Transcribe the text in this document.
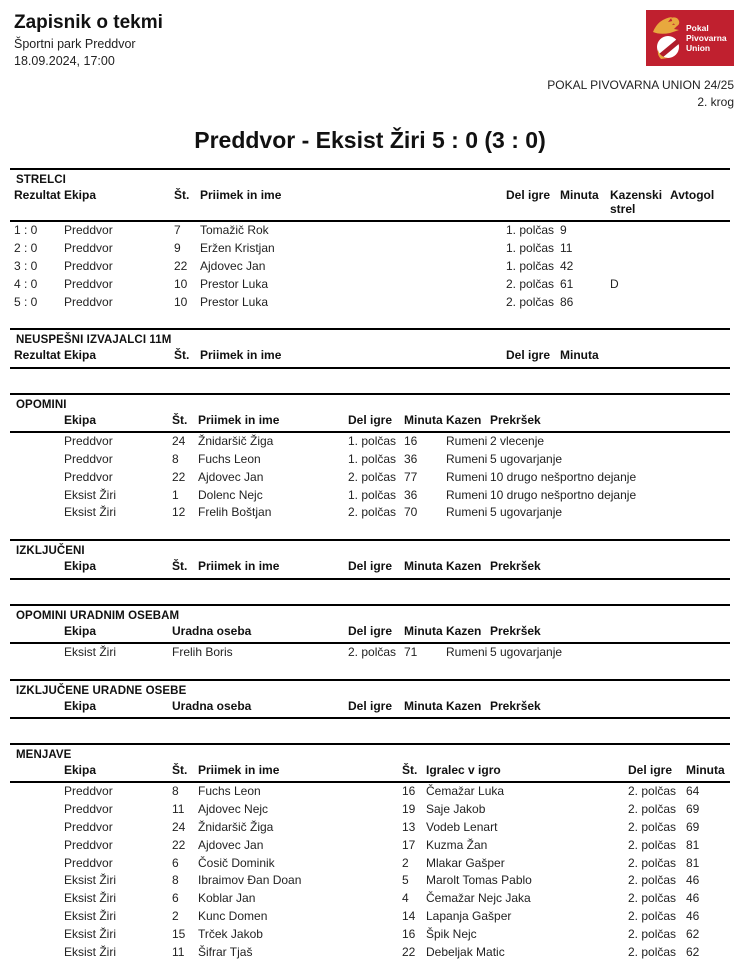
Zapisnik o tekmi
Športni park Preddvor
18.09.2024, 17:00
Pokal
Pivovarna
Union
POKAL PIVOVARNA UNION 24/25
2. krog
Preddvor - Eksist Žiri 5 : 0 (3 : 0)
STRELCI
Rezultat	Ekipa	Št.	Priimek in ime	Del igre	Minuta	Kazenski strel	Avtogol
1 : 0	Preddvor	7	Tomažič Rok	1. polčas	9		
2 : 0	Preddvor	9	Eržen Kristjan	1. polčas	11		
3 : 0	Preddvor	22	Ajdovec Jan	1. polčas	42		
4 : 0	Preddvor	10	Prestor Luka	2. polčas	61	D	
5 : 0	Preddvor	10	Prestor Luka	2. polčas	86		
NEUSPEŠNI IZVAJALCI 11M
Rezultat	Ekipa	Št.	Priimek in ime	Del igre	Minuta
OPOMINI
	Ekipa	Št.	Priimek in ime	Del igre	Minuta	Kazen	Prekršek
	Preddvor	24	Žnidaršič Žiga	1. polčas	16	Rumeni	2 vlecenje
	Preddvor	8	Fuchs Leon	1. polčas	36	Rumeni	5 ugovarjanje
	Preddvor	22	Ajdovec Jan	2. polčas	77	Rumeni	10 drugo nešportno dejanje
	Eksist Žiri	1	Dolenc Nejc	1. polčas	36	Rumeni	10 drugo nešportno dejanje
	Eksist Žiri	12	Frelih Boštjan	2. polčas	70	Rumeni	5 ugovarjanje
IZKLJUČENI
	Ekipa	Št.	Priimek in ime	Del igre	Minuta	Kazen	Prekršek
OPOMINI URADNIM OSEBAM
	Ekipa	Uradna oseba	Del igre	Minuta	Kazen	Prekršek
	Eksist Žiri	Frelih Boris	2. polčas	71	Rumeni	5 ugovarjanje
IZKLJUČENE URADNE OSEBE
	Ekipa	Uradna oseba	Del igre	Minuta	Kazen	Prekršek
MENJAVE
	Ekipa	Št.	Priimek in ime	Št.	Igralec v igro	Del igre	Minuta
	Preddvor	8	Fuchs Leon	16	Čemažar Luka	2. polčas	64
	Preddvor	11	Ajdovec Nejc	19	Saje Jakob	2. polčas	69
	Preddvor	24	Žnidaršič Žiga	13	Vodeb Lenart	2. polčas	69
	Preddvor	22	Ajdovec Jan	17	Kuzma Žan	2. polčas	81
	Preddvor	6	Čosič Dominik	2	Mlakar Gašper	2. polčas	81
	Eksist Žiri	8	Ibraimov Đan Doan	5	Marolt Tomas Pablo	2. polčas	46
	Eksist Žiri	6	Koblar Jan	4	Čemažar Nejc Jaka	2. polčas	46
	Eksist Žiri	2	Kunc Domen	14	Lapanja Gašper	2. polčas	46
	Eksist Žiri	15	Trček Jakob	16	Špik Nejc	2. polčas	62
	Eksist Žiri	11	Šifrar Tjaš	22	Debeljak Matic	2. polčas	62
